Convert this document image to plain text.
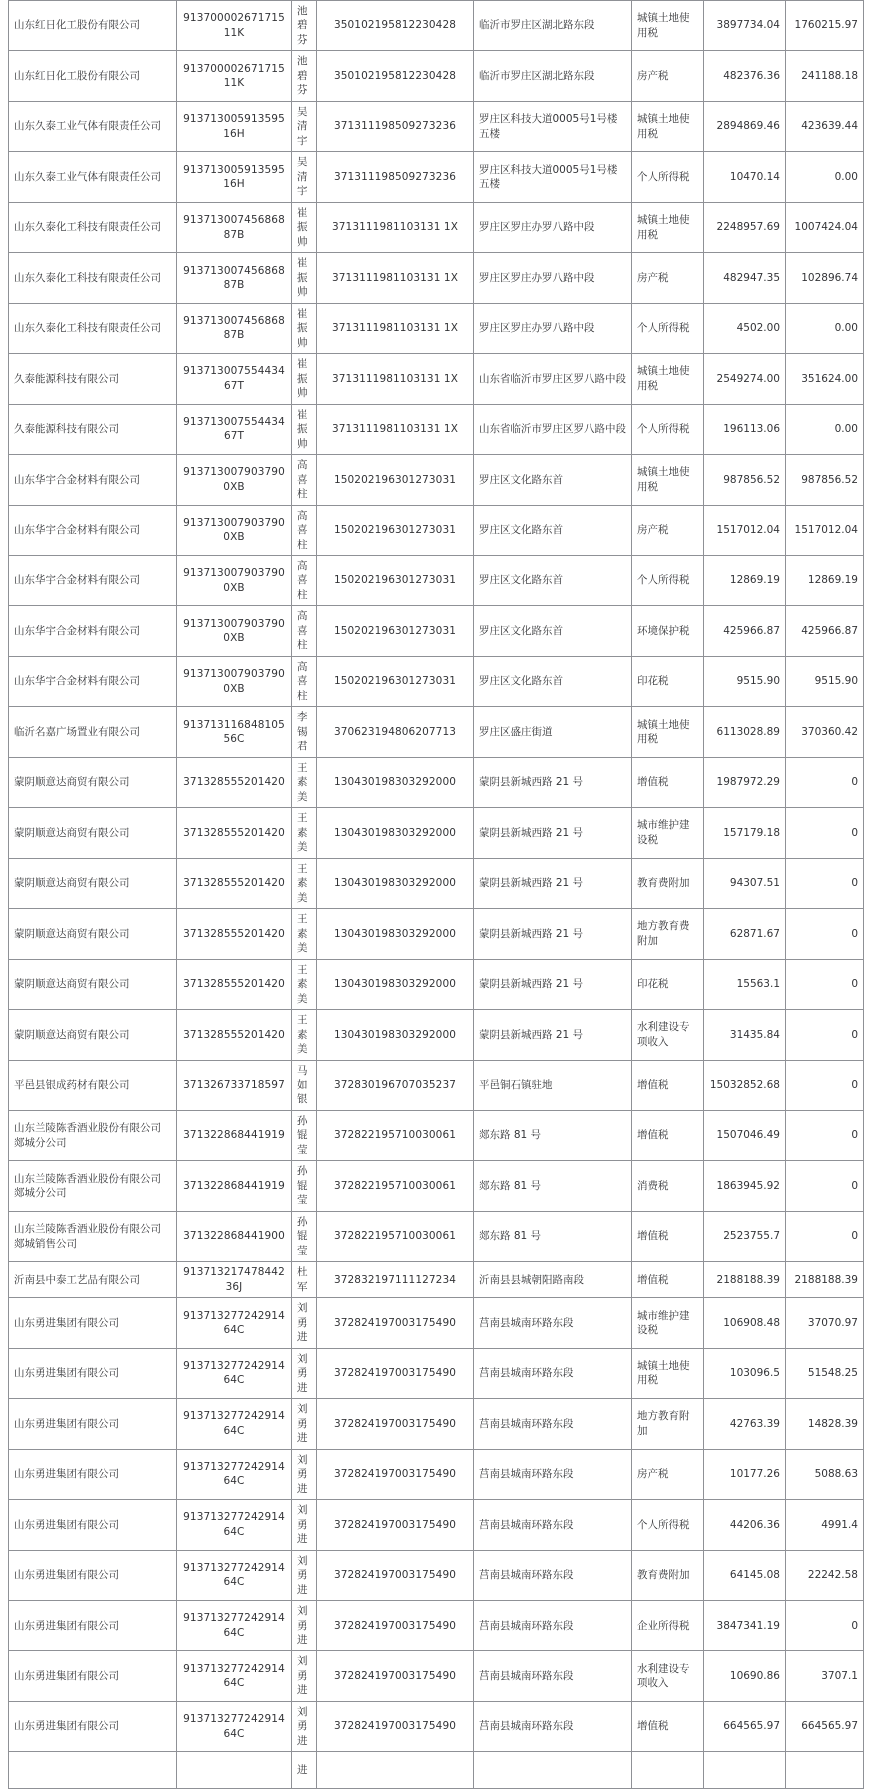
山东红日化工股份有限公司	91370000267171511K	池碧芬	350102195812230428	临沂市罗庄区湖北路东段	城镇土地使用税	3897734.04	1760215.97
山东红日化工股份有限公司	91370000267171511K	池碧芬	350102195812230428	临沂市罗庄区湖北路东段	房产税	482376.36	241188.18
山东久泰工业气体有限责任公司	91371300591359516H	吴清宇	371311198509273236	罗庄区科技大道0005号1号楼五楼	城镇土地使用税	2894869.46	423639.44
山东久泰工业气体有限责任公司	91371300591359516H	吴清宇	371311198509273236	罗庄区科技大道0005号1号楼五楼	个人所得税	10470.14	0.00
山东久泰化工科技有限责任公司	91371300745686887B	崔振帅	3713111981103131 1X	罗庄区罗庄办罗八路中段	城镇土地使用税	2248957.69	1007424.04
山东久泰化工科技有限责任公司	91371300745686887B	崔振帅	3713111981103131 1X	罗庄区罗庄办罗八路中段	房产税	482947.35	102896.74
山东久泰化工科技有限责任公司	91371300745686887B	崔振帅	3713111981103131 1X	罗庄区罗庄办罗八路中段	个人所得税	4502.00	0.00
久泰能源科技有限公司	91371300755443467T	崔振帅	3713111981103131 1X	山东省临沂市罗庄区罗八路中段	城镇土地使用税	2549274.00	351624.00
久泰能源科技有限公司	91371300755443467T	崔振帅	3713111981103131 1X	山东省临沂市罗庄区罗八路中段	个人所得税	196113.06	0.00
山东华宇合金材料有限公司	913713007903790 0XB	高喜柱	150202196301273031	罗庄区文化路东首	城镇土地使用税	987856.52	987856.52
山东华宇合金材料有限公司	913713007903790 0XB	高喜柱	150202196301273031	罗庄区文化路东首	房产税	1517012.04	1517012.04
山东华宇合金材料有限公司	913713007903790 0XB	高喜柱	150202196301273031	罗庄区文化路东首	个人所得税	12869.19	12869.19
山东华宇合金材料有限公司	913713007903790 0XB	高喜柱	150202196301273031	罗庄区文化路东首	环境保护税	425966.87	425966.87
山东华宇合金材料有限公司	913713007903790 0XB	高喜柱	150202196301273031	罗庄区文化路东首	印花税	9515.90	9515.90
临沂名嘉广场置业有限公司	91371311684810556C	李锡君	370623194806207713	罗庄区盛庄街道	城镇土地使用税	6113028.89	370360.42
蒙阴顺意达商贸有限公司	371328555201420	王素美	130430198303292000	蒙阴县新城西路 21 号	增值税	1987972.29	0
蒙阴顺意达商贸有限公司	371328555201420	王素美	130430198303292000	蒙阴县新城西路 21 号	城市维护建设税	157179.18	0
蒙阴顺意达商贸有限公司	371328555201420	王素美	130430198303292000	蒙阴县新城西路 21 号	教育费附加	94307.51	0
蒙阴顺意达商贸有限公司	371328555201420	王素美	130430198303292000	蒙阴县新城西路 21 号	地方教育费附加	62871.67	0
蒙阴顺意达商贸有限公司	371328555201420	王素美	130430198303292000	蒙阴县新城西路 21 号	印花税	15563.1	0
蒙阴顺意达商贸有限公司	371328555201420	王素美	130430198303292000	蒙阴县新城西路 21 号	水利建设专项收入	31435.84	0
平邑县银成药材有限公司	371326733718597	马如银	372830196707035237	平邑铜石镇驻地	增值税	15032852.68	0
山东兰陵陈香酒业股份有限公司郯城分公司	371322868441919	孙锟莹	372822195710030061	郯东路 81 号	增值税	1507046.49	0
山东兰陵陈香酒业股份有限公司郯城分公司	371322868441919	孙锟莹	372822195710030061	郯东路 81 号	消费税	1863945.92	0
山东兰陵陈香酒业股份有限公司郯城销售公司	371322868441900	孙锟莹	372822195710030061	郯东路 81 号	增值税	2523755.7	0
沂南县中泰工艺品有限公司	91371321747844236J	杜军	372832197111127234	沂南县县城朝阳路南段	增值税	2188188.39	2188188.39
山东勇进集团有限公司	91371327724291464C	刘勇进	372824197003175490	莒南县城南环路东段	城市维护建设税	106908.48	37070.97
山东勇进集团有限公司	91371327724291464C	刘勇进	372824197003175490	莒南县城南环路东段	城镇土地使用税	103096.5	51548.25
山东勇进集团有限公司	91371327724291464C	刘勇进	372824197003175490	莒南县城南环路东段	地方教育附加	42763.39	14828.39
山东勇进集团有限公司	91371327724291464C	刘勇进	372824197003175490	莒南县城南环路东段	房产税	10177.26	5088.63
山东勇进集团有限公司	91371327724291464C	刘勇进	372824197003175490	莒南县城南环路东段	个人所得税	44206.36	4991.4
山东勇进集团有限公司	91371327724291464C	刘勇进	372824197003175490	莒南县城南环路东段	教育费附加	64145.08	22242.58
山东勇进集团有限公司	91371327724291464C	刘勇进	372824197003175490	莒南县城南环路东段	企业所得税	3847341.19	0
山东勇进集团有限公司	91371327724291464C	刘勇进	372824197003175490	莒南县城南环路东段	水利建设专项收入	10690.86	3707.1
山东勇进集团有限公司	91371327724291464C	刘勇进	372824197003175490	莒南县城南环路东段	增值税	664565.97	664565.97
		进					
